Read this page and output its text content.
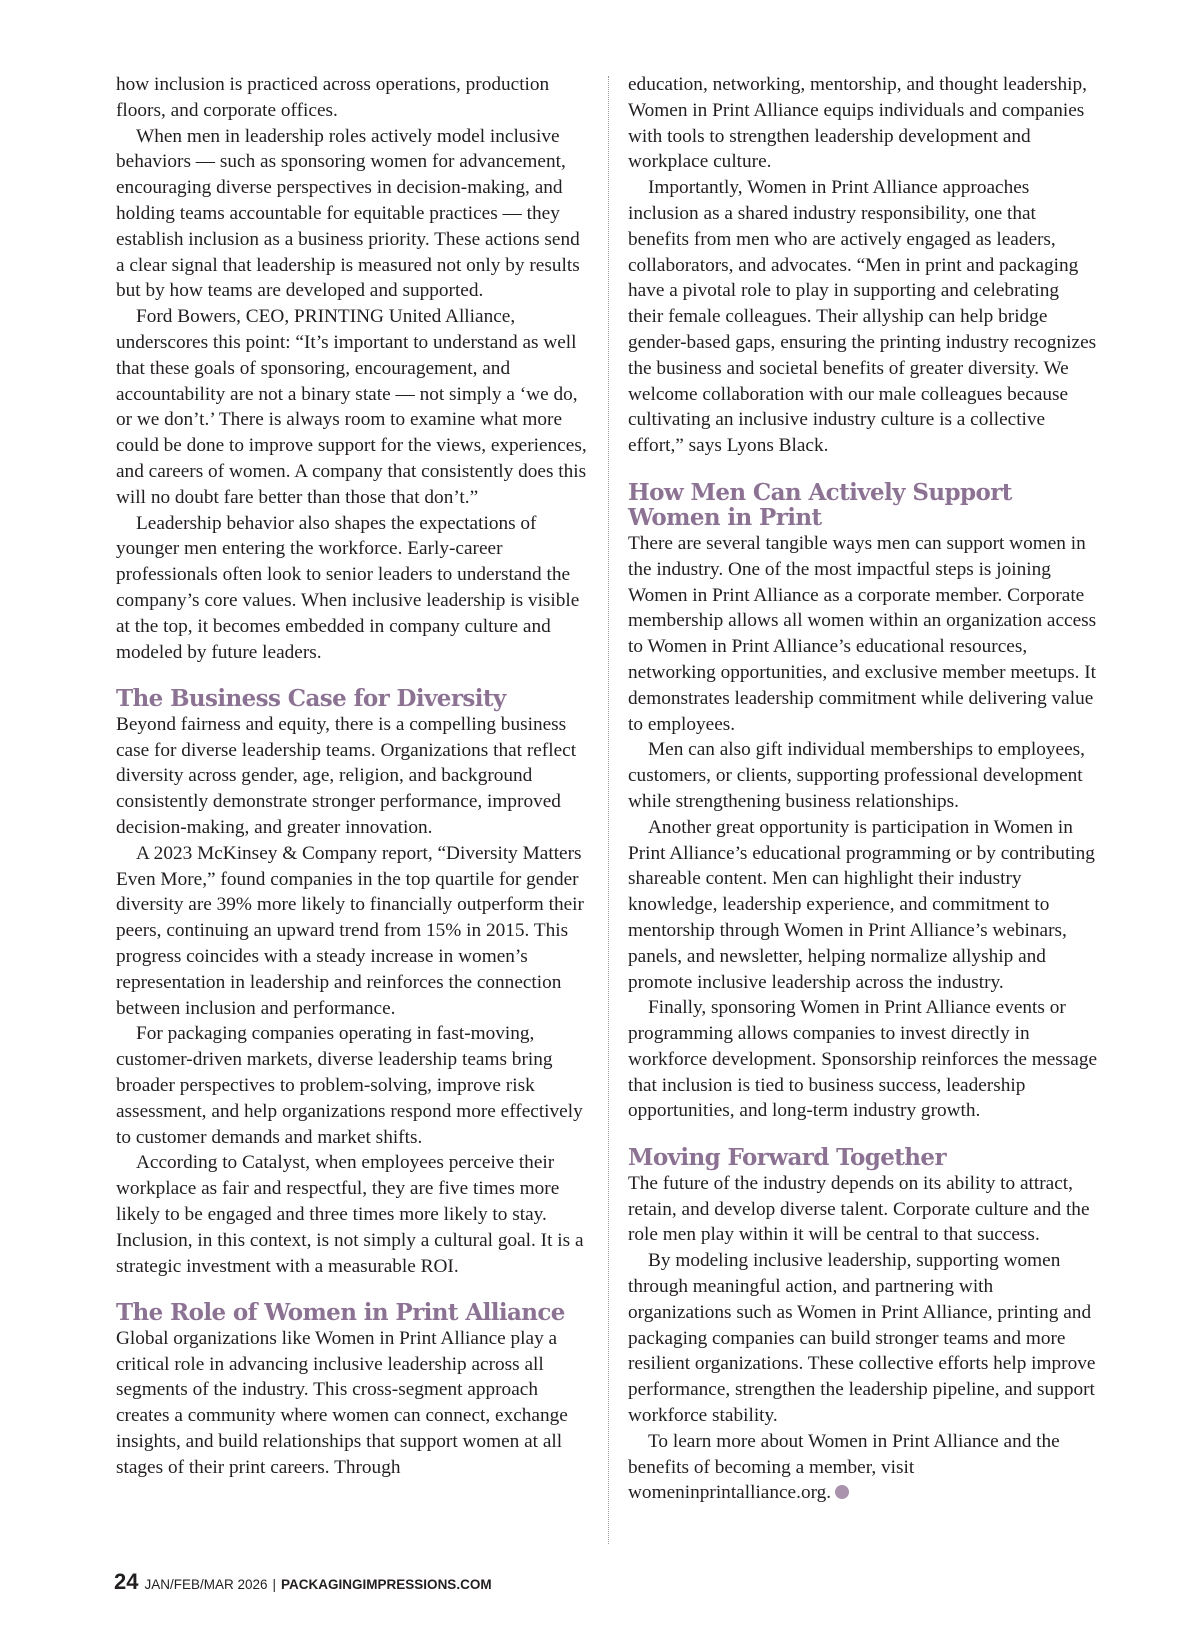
how inclusion is practiced across operations, production floors, and corporate offices.

When men in leadership roles actively model inclusive behaviors — such as sponsoring women for advancement, encouraging diverse perspectives in decision-making, and holding teams accountable for equitable practices — they establish inclusion as a business priority. These actions send a clear signal that leadership is measured not only by results but by how teams are developed and supported.

Ford Bowers, CEO, PRINTING United Alliance, underscores this point: “It’s important to understand as well that these goals of sponsoring, encouragement, and accountability are not a binary state — not simply a ‘we do, or we don’t.’ There is always room to examine what more could be done to improve support for the views, experiences, and careers of women. A company that consistently does this will no doubt fare better than those that don’t.”

Leadership behavior also shapes the expectations of younger men entering the workforce. Early-career professionals often look to senior leaders to understand the company’s core values. When inclusive leadership is visible at the top, it becomes embedded in company culture and modeled by future leaders.

The Business Case for Diversity

Beyond fairness and equity, there is a compelling business case for diverse leadership teams. Organizations that reflect diversity across gender, age, religion, and background consistently demonstrate stronger performance, improved decision-making, and greater innovation.

A 2023 McKinsey & Company report, “Diversity Matters Even More,” found companies in the top quartile for gender diversity are 39% more likely to financially outperform their peers, continuing an upward trend from 15% in 2015. This progress coincides with a steady increase in women’s representation in leadership and reinforces the connection between inclusion and performance.

For packaging companies operating in fast-moving, customer-driven markets, diverse leadership teams bring broader perspectives to problem-solving, improve risk assessment, and help organizations respond more effectively to customer demands and market shifts.

According to Catalyst, when employees perceive their workplace as fair and respectful, they are five times more likely to be engaged and three times more likely to stay. Inclusion, in this context, is not simply a cultural goal. It is a strategic investment with a measurable ROI.

The Role of Women in Print Alliance

Global organizations like Women in Print Alliance play a critical role in advancing inclusive leadership across all segments of the industry. This cross-segment approach creates a community where women can connect, exchange insights, and build relationships that support women at all stages of their print careers. Through

education, networking, mentorship, and thought leadership, Women in Print Alliance equips individuals and companies with tools to strengthen leadership development and workplace culture.

Importantly, Women in Print Alliance approaches inclusion as a shared industry responsibility, one that benefits from men who are actively engaged as leaders, collaborators, and advocates. “Men in print and packaging have a pivotal role to play in supporting and celebrating their female colleagues. Their allyship can help bridge gender-based gaps, ensuring the printing industry recognizes the business and societal benefits of greater diversity. We welcome collaboration with our male colleagues because cultivating an inclusive industry culture is a collective effort,” says Lyons Black.

How Men Can Actively Support Women in Print

There are several tangible ways men can support women in the industry. One of the most impactful steps is joining Women in Print Alliance as a corporate member. Corporate membership allows all women within an organization access to Women in Print Alliance’s educational resources, networking opportunities, and exclusive member meetups. It demonstrates leadership commitment while delivering value to employees.

Men can also gift individual memberships to employees, customers, or clients, supporting professional development while strengthening business relationships.

Another great opportunity is participation in Women in Print Alliance’s educational programming or by contributing shareable content. Men can highlight their industry knowledge, leadership experience, and commitment to mentorship through Women in Print Alliance’s webinars, panels, and newsletter, helping normalize allyship and promote inclusive leadership across the industry.

Finally, sponsoring Women in Print Alliance events or programming allows companies to invest directly in workforce development. Sponsorship reinforces the message that inclusion is tied to business success, leadership opportunities, and long-term industry growth.

Moving Forward Together

The future of the industry depends on its ability to attract, retain, and develop diverse talent. Corporate culture and the role men play within it will be central to that success.

By modeling inclusive leadership, supporting women through meaningful action, and partnering with organizations such as Women in Print Alliance, printing and packaging companies can build stronger teams and more resilient organizations. These collective efforts help improve performance, strengthen the leadership pipeline, and support workforce stability.

To learn more about Women in Print Alliance and the benefits of becoming a member, visit womeninprintalliance.org.

24 JAN/FEB/MAR 2026 | PACKAGINGIMPRESSIONS.COM
